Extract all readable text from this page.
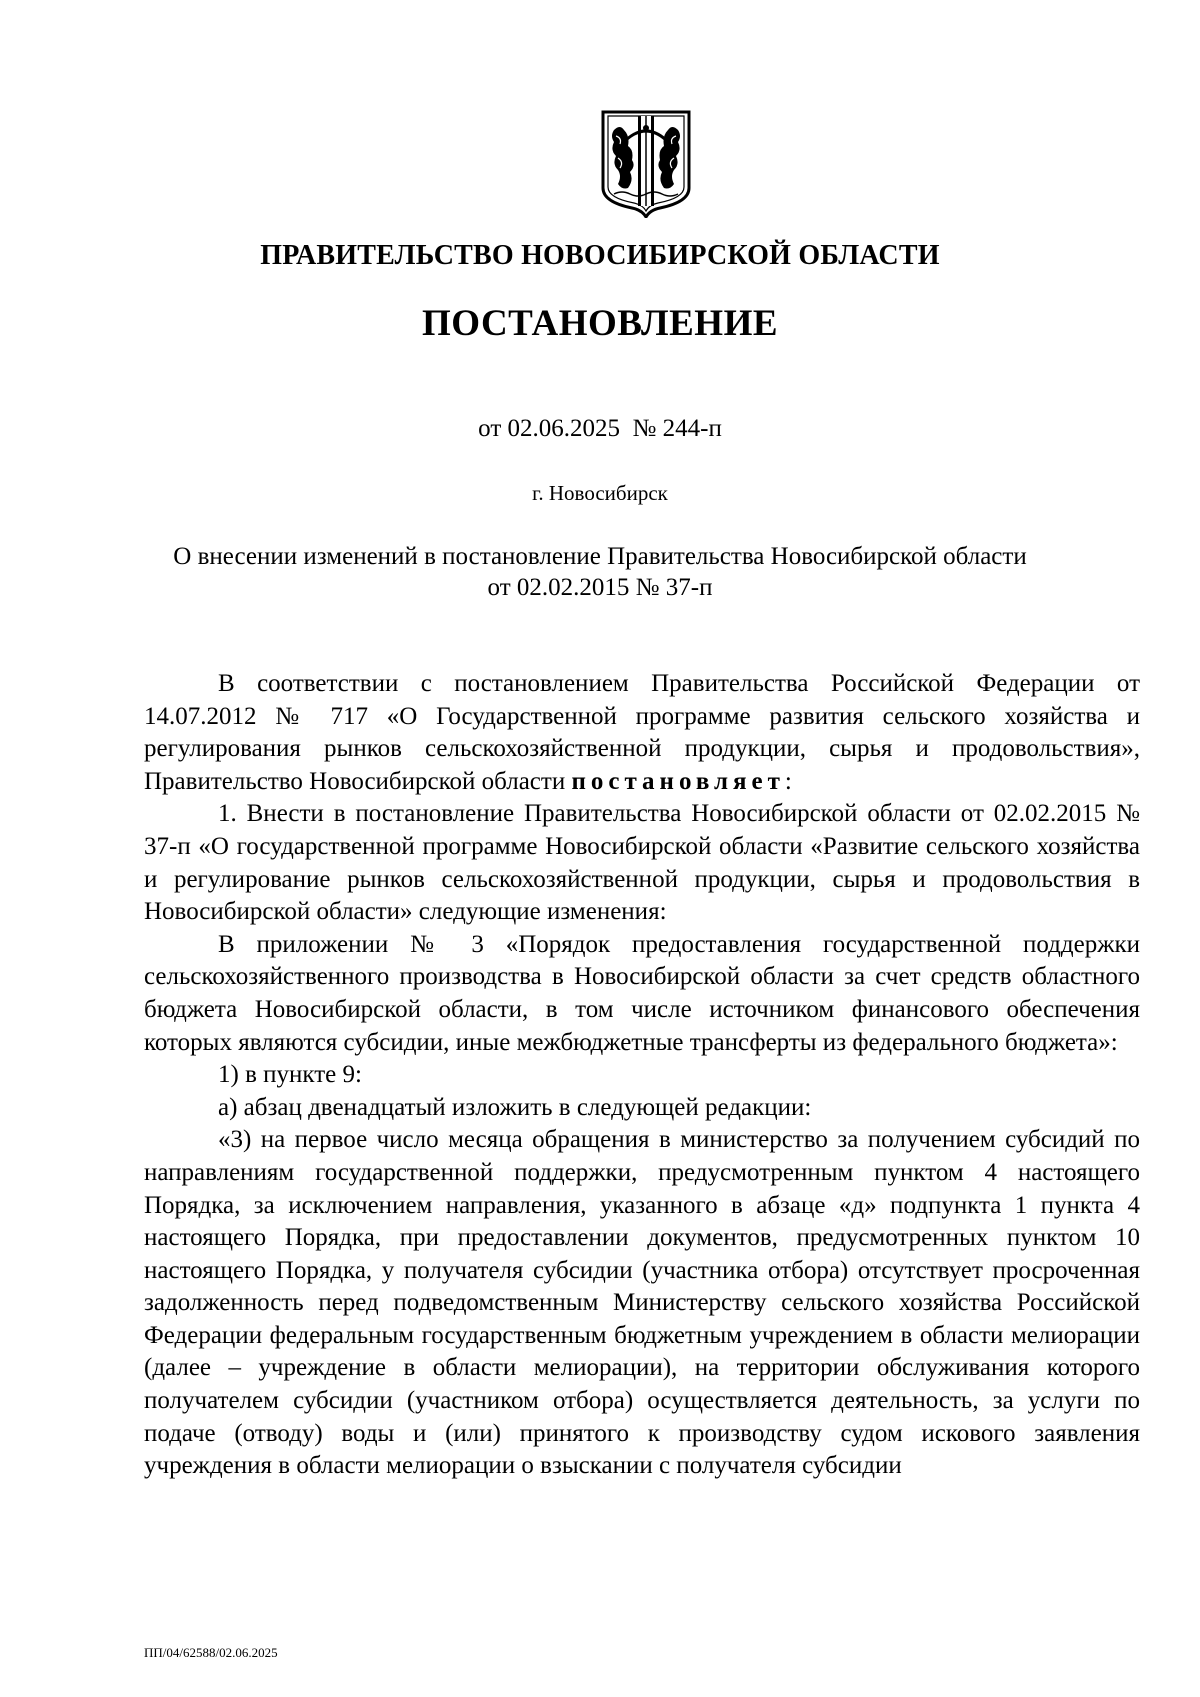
ПРАВИТЕЛЬСТВО НОВОСИБИРСКОЙ ОБЛАСТИ
ПОСТАНОВЛЕНИЕ
от 02.06.2025 № 244-п
г. Новосибирск
О внесении изменений в постановление Правительства Новосибирской области
от 02.02.2015 № 37-п

В соответствии с постановлением Правительства Российской Федерации от 14.07.2012 № 717 «О Государственной программе развития сельского хозяйства и регулирования рынков сельскохозяйственной продукции, сырья и продовольствия», Правительство Новосибирской области постановляет:

1. Внести в постановление Правительства Новосибирской области от 02.02.2015 № 37-п «О государственной программе Новосибирской области «Развитие сельского хозяйства и регулирование рынков сельскохозяйственной продукции, сырья и продовольствия в Новосибирской области» следующие изменения:

В приложении № 3 «Порядок предоставления государственной поддержки сельскохозяйственного производства в Новосибирской области за счет средств областного бюджета Новосибирской области, в том числе источником финансового обеспечения которых являются субсидии, иные межбюджетные трансферты из федерального бюджета»:

1) в пункте 9:

а) абзац двенадцатый изложить в следующей редакции:

«3) на первое число месяца обращения в министерство за получением субсидий по направлениям государственной поддержки, предусмотренным пунктом 4 настоящего Порядка, за исключением направления, указанного в абзаце «д» подпункта 1 пункта 4 настоящего Порядка, при предоставлении документов, предусмотренных пунктом 10 настоящего Порядка, у получателя субсидии (участника отбора) отсутствует просроченная задолженность перед подведомственным Министерству сельского хозяйства Российской Федерации федеральным государственным бюджетным учреждением в области мелиорации (далее – учреждение в области мелиорации), на территории обслуживания которого получателем субсидии (участником отбора) осуществляется деятельность, за услуги по подаче (отводу) воды и (или) принятого к производству судом искового заявления учреждения в области мелиорации о взыскании с получателя субсидии

ПП/04/62588/02.06.2025
